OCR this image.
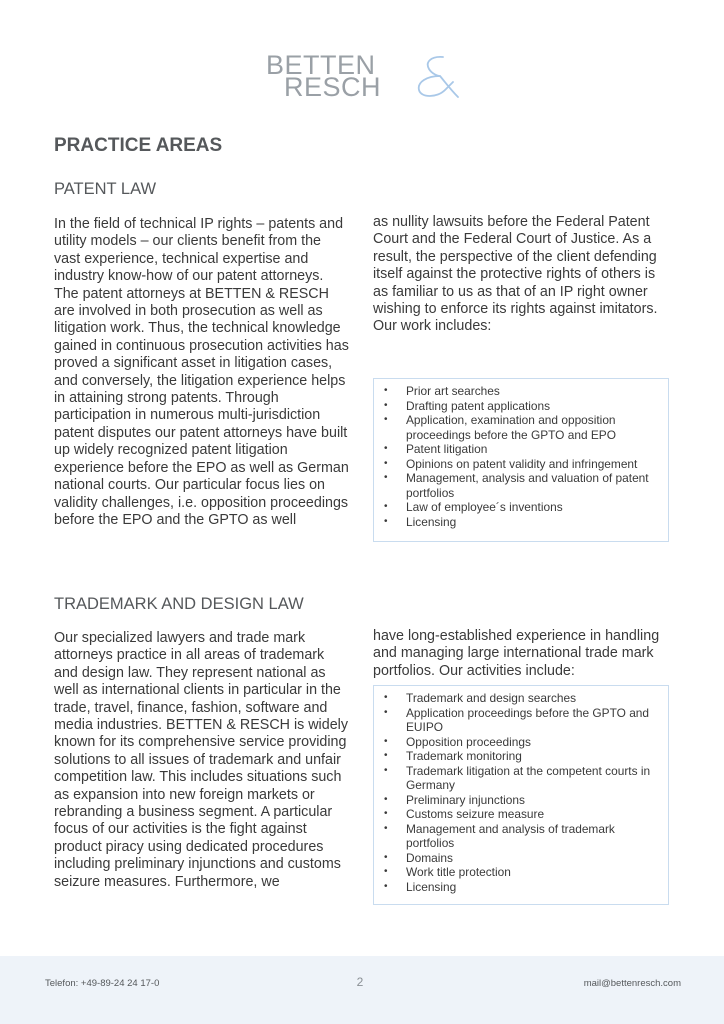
BETTEN
RESCH
PRACTICE AREAS
PATENT LAW

In the field of technical IP rights – patents and utility models – our clients benefit from the vast experience, technical expertise and industry know-how of our patent attorneys. The patent attorneys at BETTEN & RESCH are involved in both prosecution as well as litigation work. Thus, the technical knowledge gained in continuous prosecution activities has proved a significant asset in litigation cases, and conversely, the litigation experience helps in attaining strong patents. Through participation in numerous multi-jurisdiction patent disputes our patent attorneys have built up widely recognized patent litigation experience before the EPO as well as German national courts. Our particular focus lies on validity challenges, i.e. opposition proceedings before the EPO and the GPTO as well

as nullity lawsuits before the Federal Patent Court and the Federal Court of Justice. As a result, the perspective of the client defending itself against the protective rights of others is as familiar to us as that of an IP right owner wishing to enforce its rights against imitators. Our work includes:

• Prior art searches
• Drafting patent applications
• Application, examination and opposition proceedings before the GPTO and EPO
• Patent litigation
• Opinions on patent validity and infringement
• Management, analysis and valuation of patent portfolios
• Law of employee´s inventions
• Licensing
TRADEMARK AND DESIGN LAW

Our specialized lawyers and trade mark attorneys practice in all areas of trademark and design law. They represent national as well as international clients in particular in the trade, travel, finance, fashion, software and media industries. BETTEN & RESCH is widely known for its comprehensive service providing solutions to all issues of trademark and unfair competition law. This includes situations such as expansion into new foreign markets or rebranding a business segment. A particular focus of our activities is the fight against product piracy using dedicated procedures including preliminary injunctions and customs seizure measures. Furthermore, we

have long-established experience in handling and managing large international trade mark portfolios. Our activities include:

• Trademark and design searches
• Application proceedings before the GPTO and EUIPO
• Opposition proceedings
• Trademark monitoring
• Trademark litigation at the competent courts in Germany
• Preliminary injunctions
• Customs seizure measure
• Management and analysis of trademark portfolios
• Domains
• Work title protection
• Licensing
Telefon: +49-89-24 24 17-0	2	mail@bettenresch.com
